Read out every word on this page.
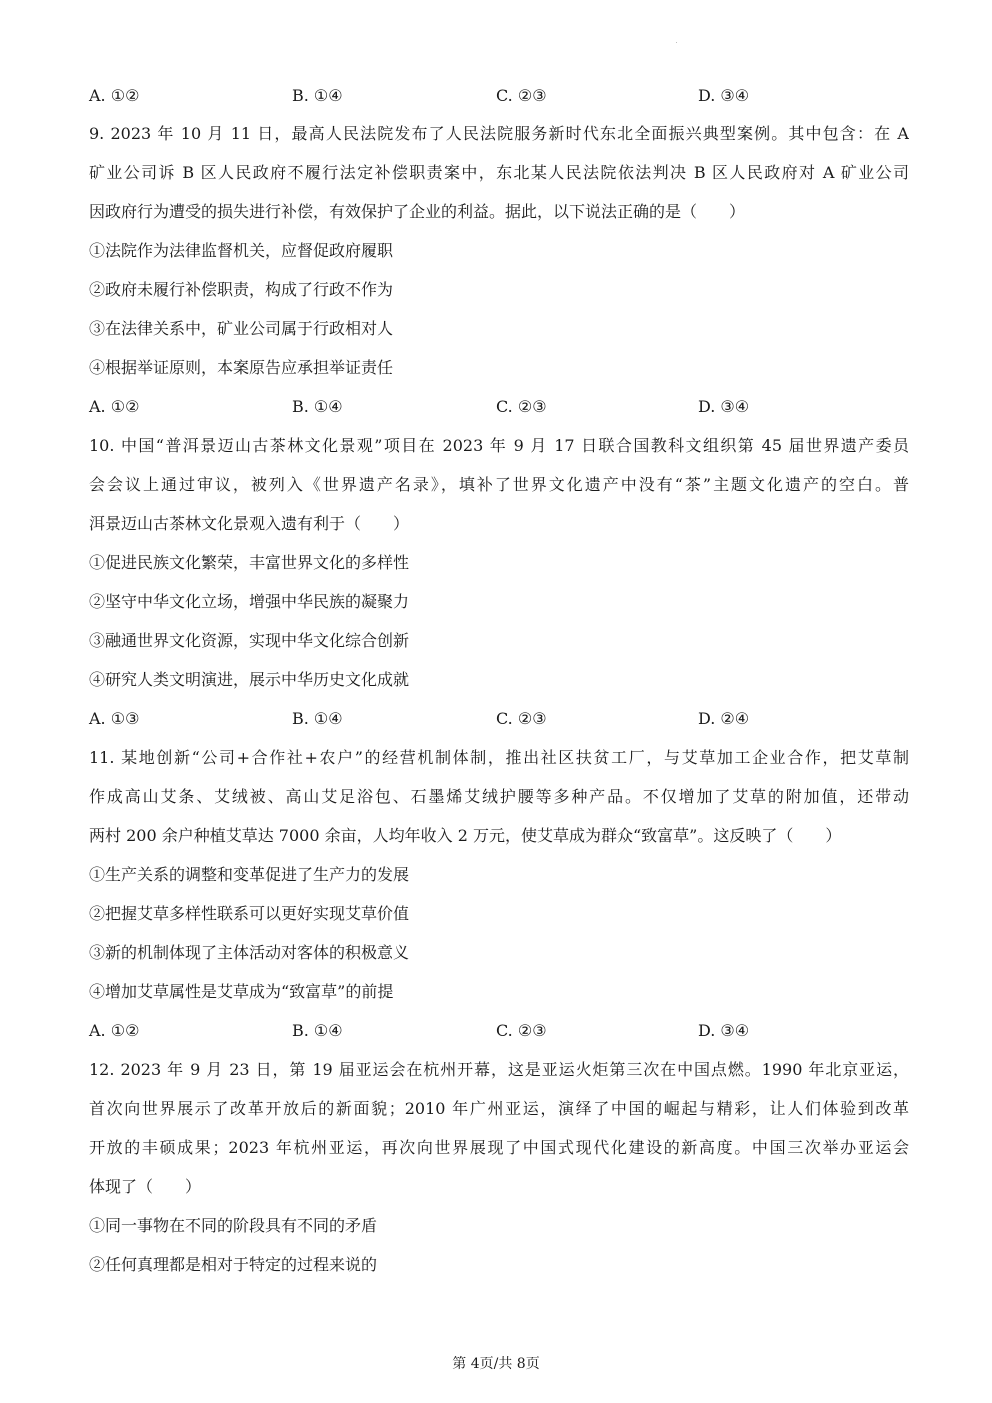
A. ①②	B. ①④	C. ②③	D. ③④
9. 2023 年 10 月 11 日，最高人民法院发布了人民法院服务新时代东北全面振兴典型案例。其中包含：在 A
矿业公司诉 B 区人民政府不履行法定补偿职责案中，东北某人民法院依法判决 B 区人民政府对 A 矿业公司
因政府行为遭受的损失进行补偿，有效保护了企业的利益。据此，以下说法正确的是（　　）
①法院作为法律监督机关，应督促政府履职
②政府未履行补偿职责，构成了行政不作为
③在法律关系中，矿业公司属于行政相对人
④根据举证原则，本案原告应承担举证责任
A. ①②	B. ①④	C. ②③	D. ③④
10. 中国“普洱景迈山古茶林文化景观”项目在 2023 年 9 月 17 日联合国教科文组织第 45 届世界遗产委员
会会议上通过审议，被列入《世界遗产名录》，填补了世界文化遗产中没有“茶”主题文化遗产的空白。普
洱景迈山古茶林文化景观入遗有利于（　　）
①促进民族文化繁荣，丰富世界文化的多样性
②坚守中华文化立场，增强中华民族的凝聚力
③融通世界文化资源，实现中华文化综合创新
④研究人类文明演进，展示中华历史文化成就
A. ①③	B. ①④	C. ②③	D. ②④
11. 某地创新“公司+合作社+农户”的经营机制体制，推出社区扶贫工厂，与艾草加工企业合作，把艾草制
作成高山艾条、艾绒被、高山艾足浴包、石墨烯艾绒护腰等多种产品。不仅增加了艾草的附加值，还带动
两村 200 余户种植艾草达 7000 余亩，人均年收入 2 万元，使艾草成为群众“致富草”。这反映了（　　）
①生产关系的调整和变革促进了生产力的发展
②把握艾草多样性联系可以更好实现艾草价值
③新的机制体现了主体活动对客体的积极意义
④增加艾草属性是艾草成为“致富草”的前提
A. ①②	B. ①④	C. ②③	D. ③④
12. 2023 年 9 月 23 日，第 19 届亚运会在杭州开幕，这是亚运火炬第三次在中国点燃。1990 年北京亚运，
首次向世界展示了改革开放后的新面貌；2010 年广州亚运，演绎了中国的崛起与精彩，让人们体验到改革
开放的丰硕成果；2023 年杭州亚运，再次向世界展现了中国式现代化建设的新高度。中国三次举办亚运会
体现了（　　）
①同一事物在不同的阶段具有不同的矛盾
②任何真理都是相对于特定的过程来说的
第 4页/共 8页
